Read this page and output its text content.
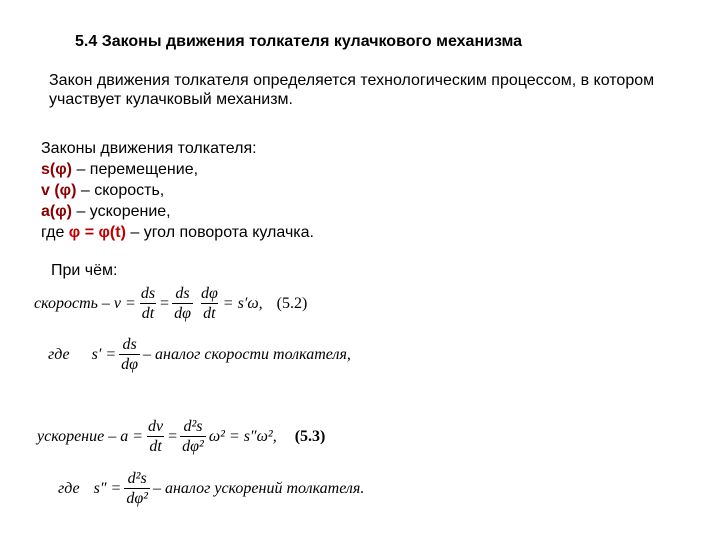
5.4 Законы движения толкателя кулачкового механизма
Закон движения толкателя определяется технологическим процессом, в котором участвует кулачковый механизм.
Законы движения толкателя:
s(φ) – перемещение,
v (φ) – скорость,
a(φ) – ускорение,
где φ = φ(t) – угол поворота кулачка.
При чём:
скорость – $v = \frac{ds}{dt} = \frac{ds}{d\varphi} \frac{d\varphi}{dt} = s'\omega$, (5.2)
где $s' = \frac{ds}{d\varphi}$ – аналог скорости толкателя,
ускорение – $a = \frac{dv}{dt} = \frac{\text{d²s}}{\text{dφ²}} \omega^2 = s''\omega^2$, (5.3)
где $s'' = \frac{\text{d²s}}{\text{dφ²}}$ – аналог ускорений толкателя.
